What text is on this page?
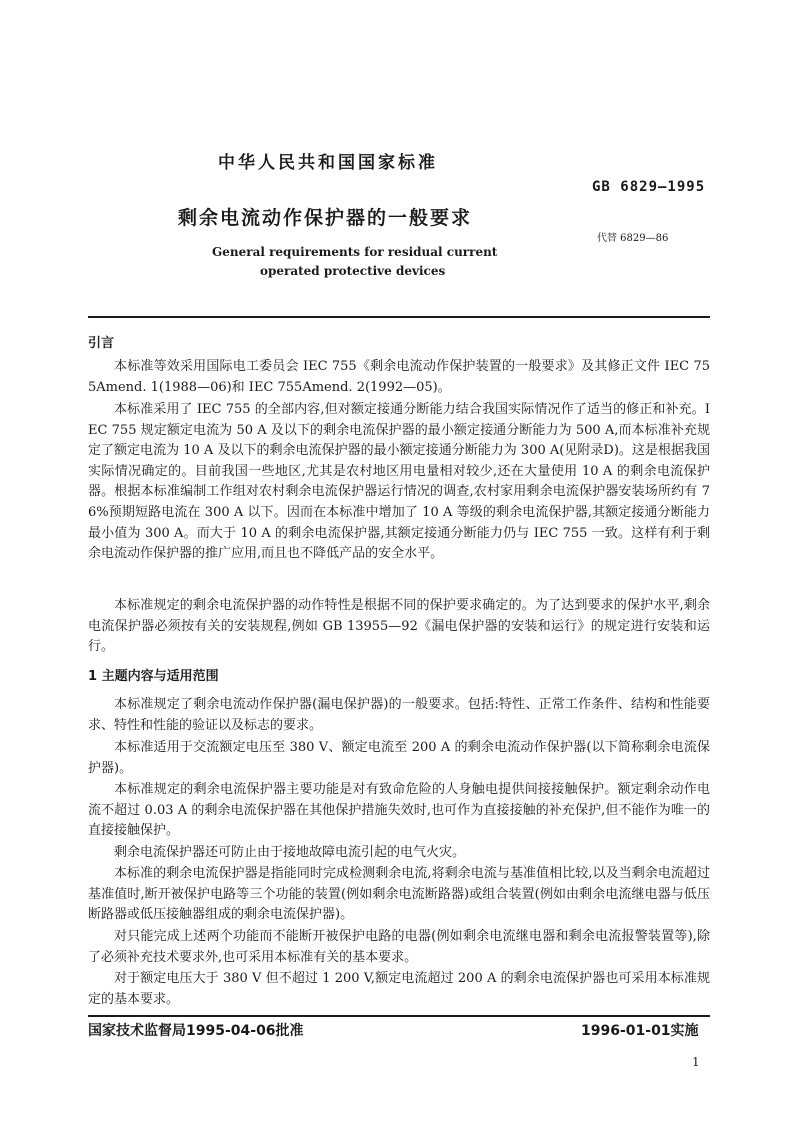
中华人民共和国国家标准
GB 6829—1995
剩余电流动作保护器的一般要求
代替 6829—86
General requirements for residual current
operated protective devices
引言
本标准等效采用国际电工委员会 IEC 755《剩余电流动作保护装置的一般要求》及其修正文件 IEC 755Amend. 1(1988—06)和 IEC 755Amend. 2(1992—05)。
本标准采用了 IEC 755 的全部内容,但对额定接通分断能力结合我国实际情况作了适当的修正和补充。IEC 755 规定额定电流为 50 A 及以下的剩余电流保护器的最小额定接通分断能力为 500 A,而本标准补充规定了额定电流为 10 A 及以下的剩余电流保护器的最小额定接通分断能力为 300 A(见附录D)。这是根据我国实际情况确定的。目前我国一些地区,尤其是农村地区用电量相对较少,还在大量使用 10 A 的剩余电流保护器。根据本标准编制工作组对农村剩余电流保护器运行情况的调查,农村家用剩余电流保护器安装场所约有 76%预期短路电流在 300 A 以下。因而在本标准中增加了 10 A 等级的剩余电流保护器,其额定接通分断能力最小值为 300 A。而大于 10 A 的剩余电流保护器,其额定接通分断能力仍与 IEC 755 一致。这样有利于剩余电流动作保护器的推广应用,而且也不降低产品的安全水平。
本标准规定的剩余电流保护器的动作特性是根据不同的保护要求确定的。为了达到要求的保护水平,剩余电流保护器必须按有关的安装规程,例如 GB 13955—92《漏电保护器的安装和运行》的规定进行安装和运行。
1 主题内容与适用范围
本标准规定了剩余电流动作保护器(漏电保护器)的一般要求。包括:特性、正常工作条件、结构和性能要求、特性和性能的验证以及标志的要求。
本标准适用于交流额定电压至 380 V、额定电流至 200 A 的剩余电流动作保护器(以下简称剩余电流保护器)。
本标准规定的剩余电流保护器主要功能是对有致命危险的人身触电提供间接接触保护。额定剩余动作电流不超过 0.03 A 的剩余电流保护器在其他保护措施失效时,也可作为直接接触的补充保护,但不能作为唯一的直接接触保护。
剩余电流保护器还可防止由于接地故障电流引起的电气火灾。
本标准的剩余电流保护器是指能同时完成检测剩余电流,将剩余电流与基准值相比较,以及当剩余电流超过基准值时,断开被保护电路等三个功能的装置(例如剩余电流断路器)或组合装置(例如由剩余电流继电器与低压断路器或低压接触器组成的剩余电流保护器)。
对只能完成上述两个功能而不能断开被保护电路的电器(例如剩余电流继电器和剩余电流报警装置等),除了必须补充技术要求外,也可采用本标准有关的基本要求。
对于额定电压大于 380 V 但不超过 1 200 V,额定电流超过 200 A 的剩余电流保护器也可采用本标准规定的基本要求。
国家技术监督局1995-04-06批准	1996-01-01实施
1
